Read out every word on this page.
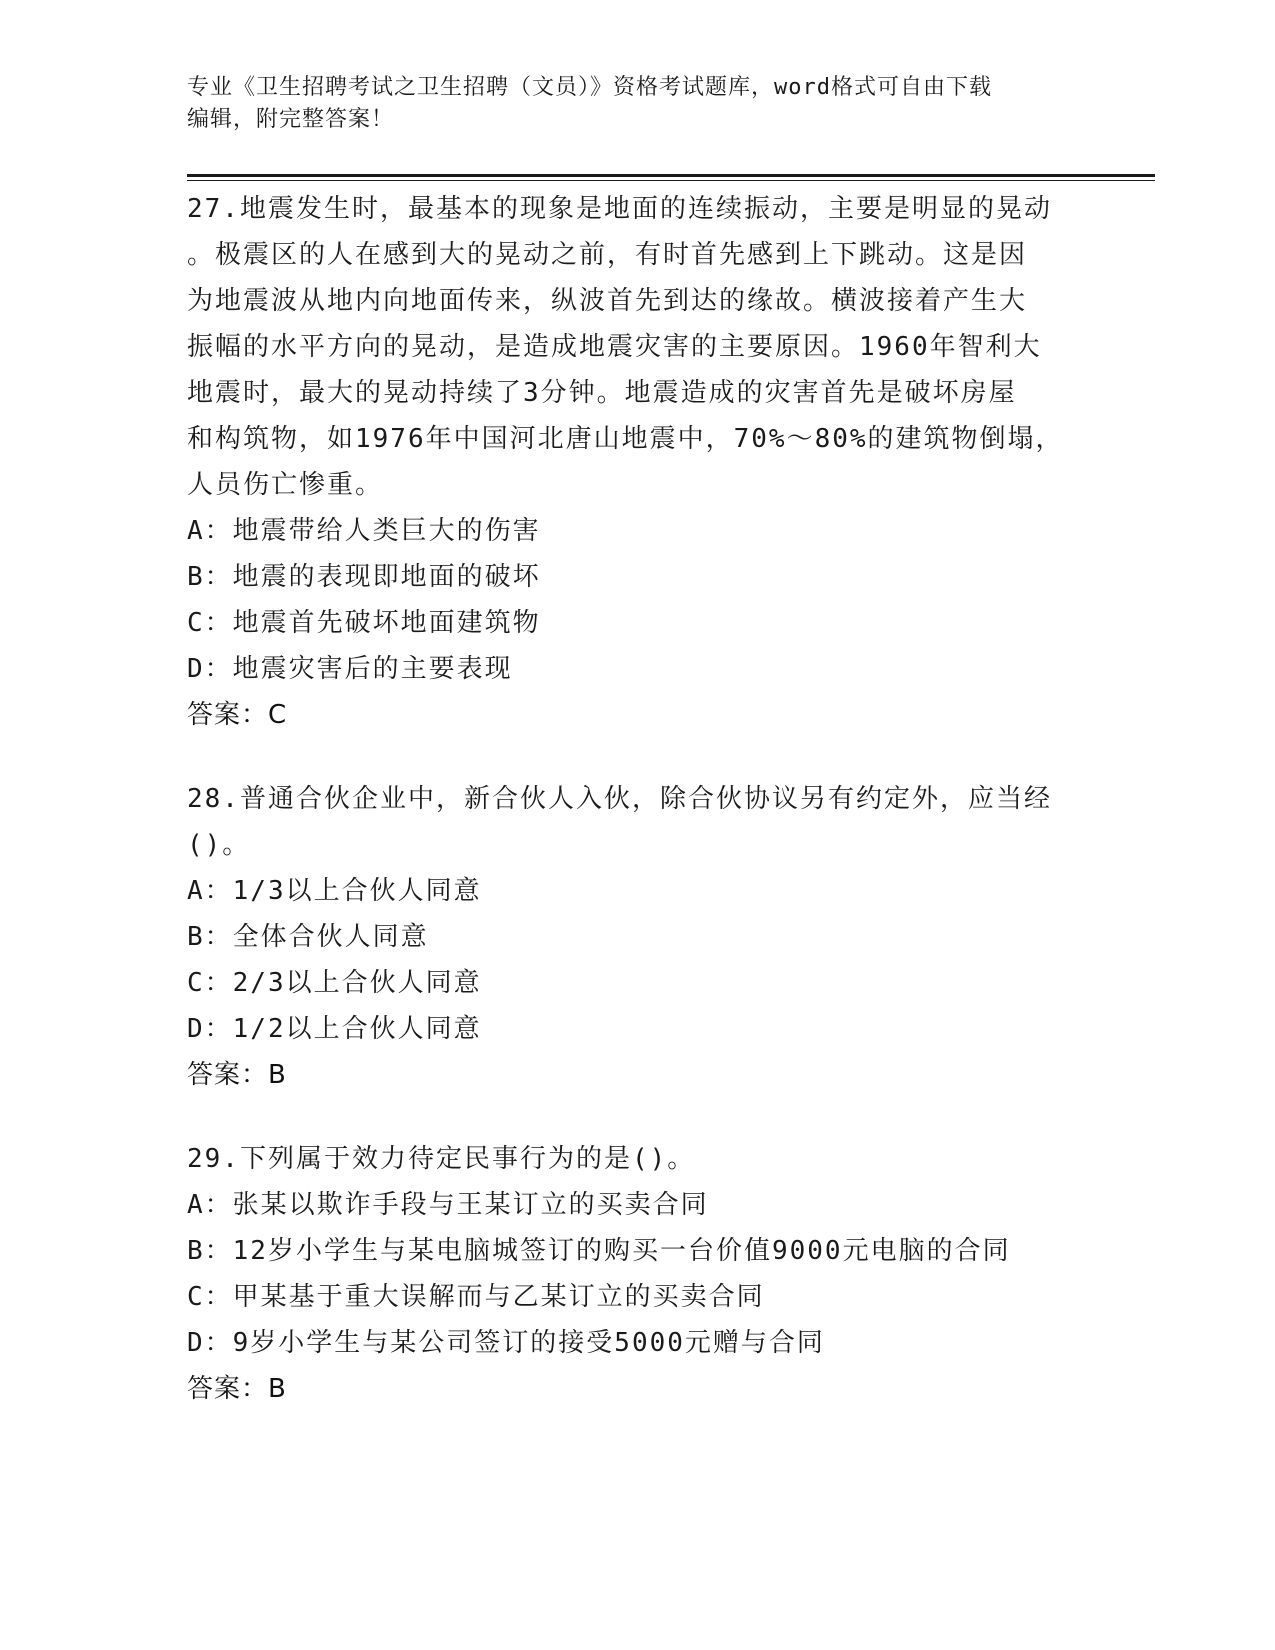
专业《卫生招聘考试之卫生招聘（文员）》资格考试题库，word格式可自由下载
编辑，附完整答案！
27.地震发生时，最基本的现象是地面的连续振动，主要是明显的晃动
。极震区的人在感到大的晃动之前，有时首先感到上下跳动。这是因
为地震波从地内向地面传来，纵波首先到达的缘故。横波接着产生大
振幅的水平方向的晃动，是造成地震灾害的主要原因。1960年智利大
地震时，最大的晃动持续了3分钟。地震造成的灾害首先是破坏房屋
和构筑物，如1976年中国河北唐山地震中，70%～80%的建筑物倒塌，
人员伤亡惨重。
A：地震带给人类巨大的伤害
B：地震的表现即地面的破坏
C：地震首先破坏地面建筑物
D：地震灾害后的主要表现
答案：C
28.普通合伙企业中，新合伙人入伙，除合伙协议另有约定外，应当经
()。
A：1/3以上合伙人同意
B：全体合伙人同意
C：2/3以上合伙人同意
D：1/2以上合伙人同意
答案：B
29.下列属于效力待定民事行为的是()。
A：张某以欺诈手段与王某订立的买卖合同
B：12岁小学生与某电脑城签订的购买一台价值9000元电脑的合同
C：甲某基于重大误解而与乙某订立的买卖合同
D：9岁小学生与某公司签订的接受5000元赠与合同
答案：B
